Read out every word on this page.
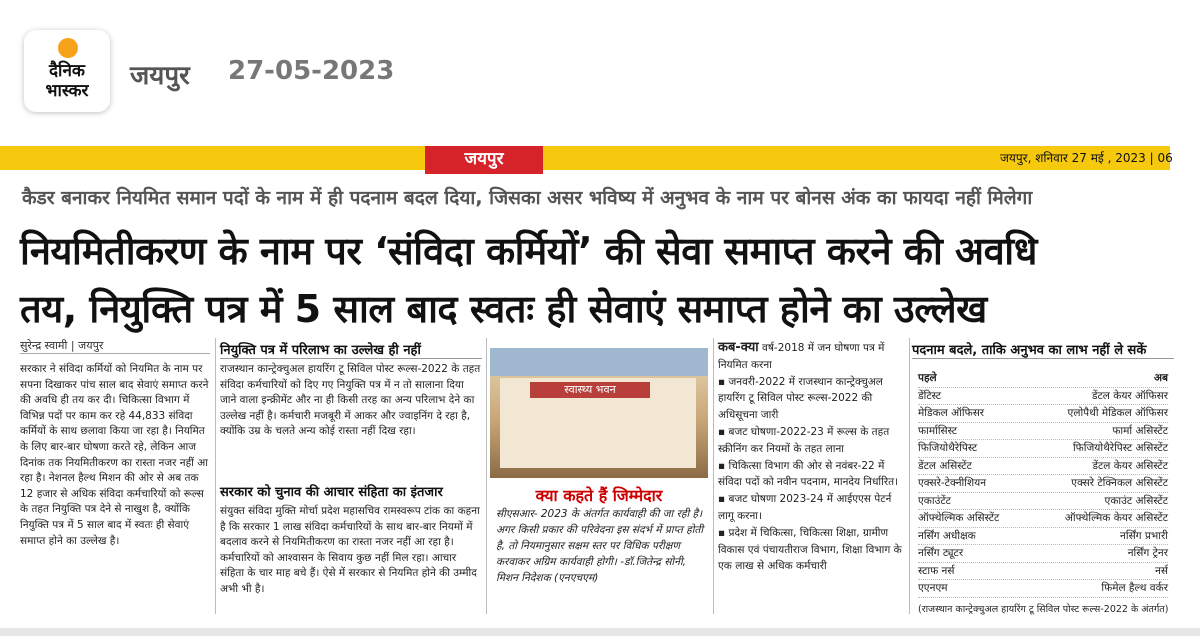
दैनिक
भास्कर	जयपुर 27-05-2023
जयपुर	जयपुर, शनिवार 27 मई , 2023 | 06
कैडर बनाकर नियमित समान पदों के नाम में ही पदनाम बदल दिया, जिसका असर भविष्य में अनुभव के नाम पर बोनस अंक का फायदा नहीं मिलेगा
नियमितीकरण के नाम पर ‘संविदा कर्मियों’ की सेवा समाप्त करने की अवधि
तय, नियुक्ति पत्र में 5 साल बाद स्वतः ही सेवाएं समाप्त होने का उल्लेख
सुरेन्द्र स्वामी | जयपुर
सरकार ने संविदा कर्मियों को नियमित के नाम पर सपना दिखाकर पांच साल बाद सेवाएं समाप्त करने की अवधि ही तय कर दी। चिकित्सा विभाग में विभिन्न पदों पर काम कर रहे 44,833 संविदा कर्मियों के साथ छलावा किया जा रहा है। नियमित के लिए बार-बार घोषणा करते रहे, लेकिन आज दिनांक तक नियमितीकरण का रास्ता नजर नहीं आ रहा है। नेशनल हैल्थ मिशन की ओर से अब तक 12 हजार से अधिक संविदा कर्मचारियों को रूल्स के तहत नियुक्ति पत्र देने से नाखुश है, क्योंकि नियुक्ति पत्र में 5 साल बाद में स्वतः ही सेवाएं समाप्त होने का उल्लेख है।
नियुक्ति पत्र में परिलाभ का उल्लेख ही नहीं
राजस्थान कान्ट्रेक्चुअल हायरिंग टू सिविल पोस्ट रूल्स-2022 के तहत संविदा कर्मचारियों को दिए गए नियुक्ति पत्र में न तो सालाना दिया जाने वाला इन्क्रीमेंट और ना ही किसी तरह का अन्य परिलाभ देने का उल्लेख नहीं है। कर्मचारी मजबूरी में आकर और ज्वाइनिंग दे रहा है, क्योंकि उम्र के चलते अन्य कोई रास्ता नहीं दिख रहा।
सरकार को चुनाव की आचार संहिता का इंतजार
संयुक्त संविदा मुक्ति मोर्चा प्रदेश महासचिव रामस्वरूप टांक का कहना है कि सरकार 1 लाख संविदा कर्मचारियों के साथ बार-बार नियमों में बदलाव करने से नियमितीकरण का रास्ता नजर नहीं आ रहा है। कर्मचारियों को आश्वासन के सिवाय कुछ नहीं मिल रहा। आचार संहिता के चार माह बचे हैं। ऐसे में सरकार से नियमित होने की उम्मीद अभी भी है।
स्वास्थ्य भवन
क्या कहते हैं जिम्मेदार
सीएसआर- 2023 के अंतर्गत कार्यवाही की जा रही है। अगर किसी प्रकार की परिवेदना इस संदर्भ में प्राप्त होती है, तो नियमानुसार सक्षम स्तर पर विधिक परीक्षण करवाकर अग्रिम कार्यवाही होगी। -डॉ.जितेन्द्र सोनी, मिशन निदेशक (एनएचएम)
कब-क्या वर्ष-2018 में जन घोषणा पत्र में नियमित करना
▪ जनवरी-2022 में राजस्थान कान्ट्रेक्चुअल हायरिंग टू सिविल पोस्ट रूल्स-2022 की अधिसूचना जारी
▪ बजट घोषणा-2022-23 में रूल्स के तहत स्क्रीनिंग कर नियमों के तहत लाना
▪ चिकित्सा विभाग की ओर से नवंबर-22 में संविदा पदों को नवीन पदनाम, मानदेय निर्धारित।
▪ बजट घोषणा 2023-24 में आईएएस पेटर्न लागू करना।
▪ प्रदेश में चिकित्सा, चिकित्सा शिक्षा, ग्रामीण विकास एवं पंचायतीराज विभाग, शिक्षा विभाग के एक लाख से अधिक कर्मचारी
पदनाम बदले, ताकि अनुभव का लाभ नहीं ले सकें
पहले	अब
डेंटिस्ट	डेंटल केयर ऑफिसर
मेडिकल ऑफिसर	एलोपैथी मेडिकल ऑफिसर
फार्मासिस्ट	फार्मा असिस्टेंट
फिजियोथैरेपिस्ट	फिजियोथैरेपिस्ट असिस्टेंट
डेंटल असिस्टेंट	डेंटल केयर असिस्टेंट
एक्सरे-टेक्नीशियन	एक्सरे टेक्निकल असिस्टेंट
एकाउंटेंट	एकाउंट असिस्टेंट
ऑफ्थेल्मिक असिस्टेंट	ऑफ्थेल्मिक केयर असिस्टेंट
नर्सिंग अधीक्षक	नर्सिंग प्रभारी
नर्सिंग ट्यूटर	नर्सिंग ट्रेनर
स्टाफ नर्स	नर्स
एएनएम	फिमेल हैल्थ वर्कर
(राजस्थान कान्ट्रेक्चुअल हायरिंग टू सिविल पोस्ट रूल्स-2022 के अंतर्गत)
